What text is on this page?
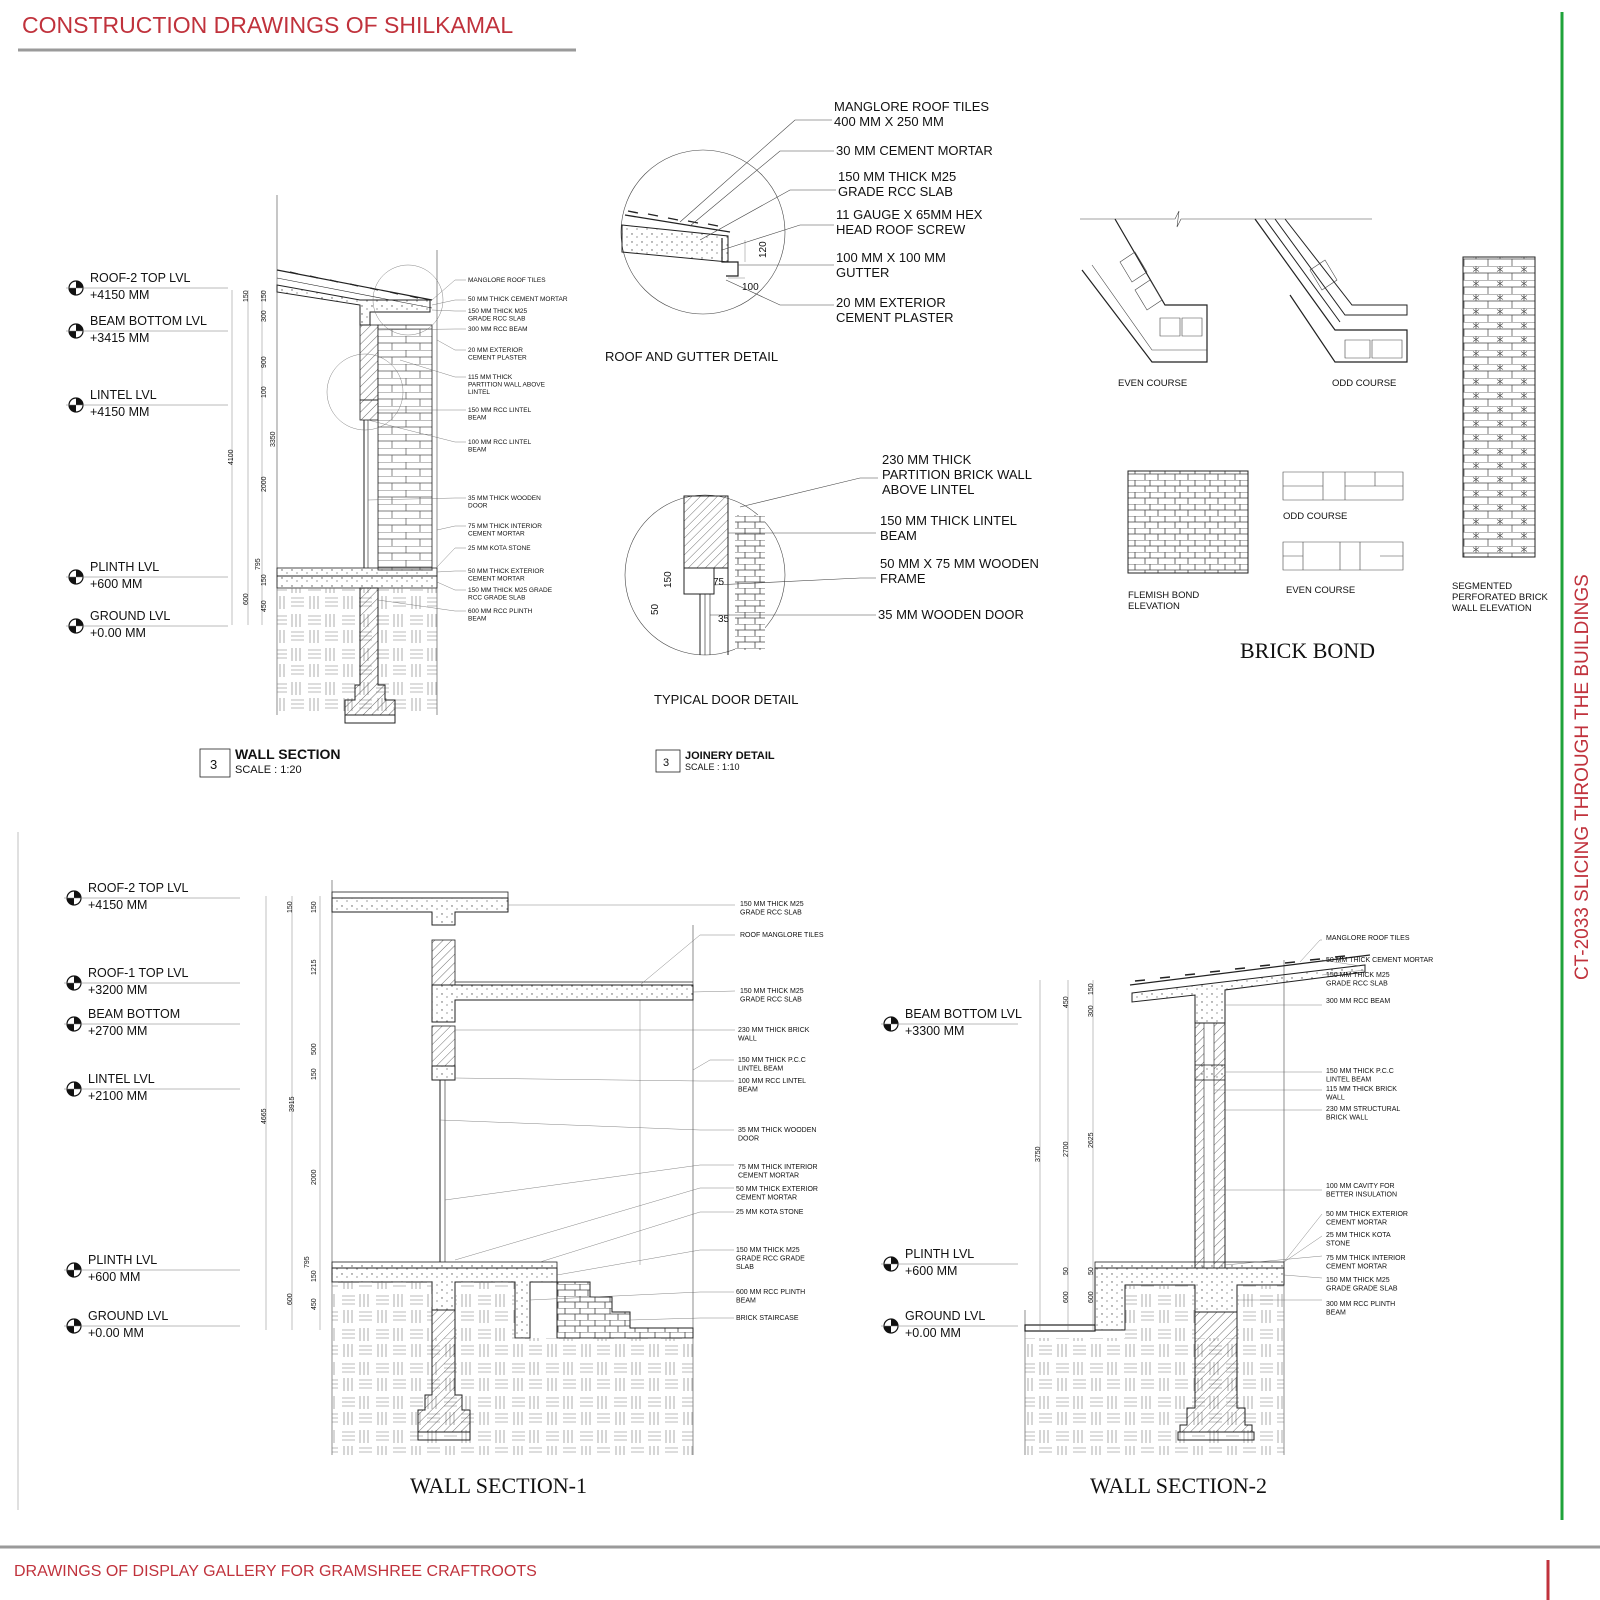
CONSTRUCTION DRAWINGS OF SHILKAMAL
CT-2033 SLICING THROUGH THE BUILDINGS
DRAWINGS OF DISPLAY GALLERY FOR GRAMSHREE CRAFTROOTS
ROOF-2 TOP LVL
+4150 MM
BEAM BOTTOM LVL
+3415 MM
LINTEL LVL
+4150 MM
PLINTH LVL
+600 MM
GROUND LVL
+0.00 MM
150 150
300
900
100
3350
4100
2000
795
150
600
450
MANGLORE ROOF TILES
50 MM THICK CEMENT MORTAR
150 MM THICK M25 GRADE RCC SLAB
300 MM RCC BEAM
20 MM EXTERIOR CEMENT PLASTER
115 MM THICK PARTITION WALL ABOVE LINTEL
150 MM RCC LINTEL BEAM
100 MM RCC LINTEL BEAM
35 MM THICK WOODEN DOOR
75 MM THICK INTERIOR CEMENT MORTAR
25 MM KOTA STONE
50 MM THICK EXTERIOR CEMENT MORTAR
150 MM THICK M25 GRADE RCC GRADE SLAB
600 MM RCC PLINTH BEAM
3
WALL SECTION
SCALE : 1:20
120
100
MANGLORE ROOF TILES 400 MM X 250 MM
30 MM CEMENT MORTAR
150 MM THICK M25 GRADE RCC SLAB
11 GAUGE X 65MM HEX HEAD ROOF SCREW
100 MM X 100 MM GUTTER
20 MM EXTERIOR CEMENT PLASTER
ROOF AND GUTTER DETAIL
150	75
50
35
230 MM THICK PARTITION BRICK WALL ABOVE LINTEL
150 MM THICK LINTEL BEAM
50 MM X 75 MM WOODEN FRAME
35 MM WOODEN DOOR
TYPICAL DOOR DETAIL
3
JOINERY DETAIL
SCALE : 1:10
EVEN COURSE	ODD COURSE
FLEMISH BOND ELEVATION
ODD COURSE
EVEN COURSE	SEGMENTED PERFORATED BRICK WALL ELEVATION
BRICK BOND
ROOF-2 TOP LVL
+4150 MM
ROOF-1 TOP LVL
+3200 MM
BEAM BOTTOM
+2700 MM
LINTEL LVL
+2100 MM
PLINTH LVL
+600 MM
GROUND LVL
+0.00 MM
150 150
1215
500
150
3915
4665
2000
795
150
600 450
150 MM THICK M25 GRADE RCC SLAB
ROOF MANGLORE TILES
150 MM THICK M25 GRADE RCC SLAB
230 MM THICK BRICK WALL
150 MM THICK P.C.C LINTEL BEAM
100 MM RCC LINTEL BEAM
35 MM THICK WOODEN DOOR
75 MM THICK INTERIOR CEMENT MORTAR
50 MM THICK EXTERIOR CEMENT MORTAR
25 MM KOTA STONE
150 MM THICK M25 GRADE RCC GRADE SLAB
600 MM RCC PLINTH BEAM
BRICK STAIRCASE
WALL SECTION-1
BEAM BOTTOM LVL
+3300 MM
PLINTH LVL
+600 MM
GROUND LVL
+0.00 MM
150
450
300
3750	2700
2625
50	50
600	600
MANGLORE ROOF TILES
50 MM THICK CEMENT MORTAR
150 MM THICK M25 GRADE RCC SLAB
300 MM RCC BEAM
150 MM THICK P.C.C LINTEL BEAM
115 MM THICK BRICK WALL
230 MM STRUCTURAL BRICK WALL
100 MM CAVITY FOR BETTER INSULATION
50 MM THICK EXTERIOR CEMENT MORTAR
25 MM THICK KOTA STONE
75 MM THICK INTERIOR CEMENT MORTAR
150 MM THICK M25 GRADE GRADE SLAB
300 MM RCC PLINTH BEAM
WALL SECTION-2
